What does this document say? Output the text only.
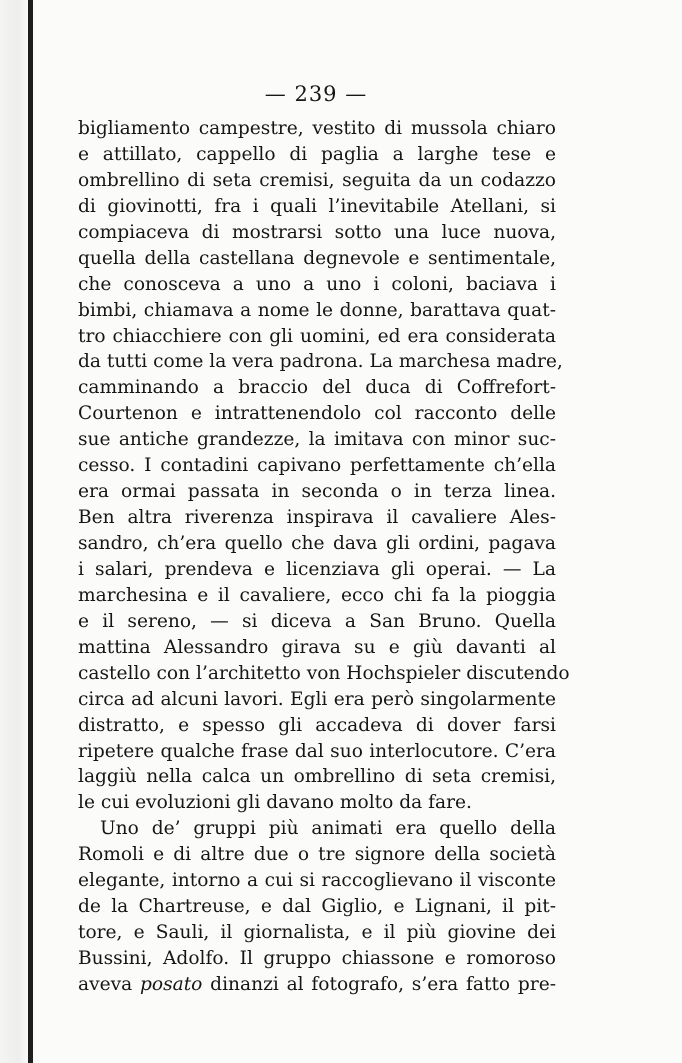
— 239 —
bigliamento campestre, vestito di mussola chiaro
e attillato, cappello di paglia a larghe tese e
ombrellino di seta cremisi, seguita da un codazzo
di giovinotti, fra i quali l’inevitabile Atellani, si
compiaceva di mostrarsi sotto una luce nuova,
quella della castellana degnevole e sentimentale,
che conosceva a uno a uno i coloni, baciava i
bimbi, chiamava a nome le donne, barattava quat-
tro chiacchiere con gli uomini, ed era considerata
da tutti come la vera padrona. La marchesa madre,
camminando a braccio del duca di Coffrefort-
Courtenon e intrattenendolo col racconto delle
sue antiche grandezze, la imitava con minor suc-
cesso. I contadini capivano perfettamente ch’ella
era ormai passata in seconda o in terza linea.
Ben altra riverenza inspirava il cavaliere Ales-
sandro, ch’era quello che dava gli ordini, pagava
i salari, prendeva e licenziava gli operai. — La
marchesina e il cavaliere, ecco chi fa la pioggia
e il sereno, — si diceva a San Bruno. Quella
mattina Alessandro girava su e giù davanti al
castello con l’architetto von Hochspieler discutendo
circa ad alcuni lavori. Egli era però singolarmente
distratto, e spesso gli accadeva di dover farsi
ripetere qualche frase dal suo interlocutore. C’era
laggiù nella calca un ombrellino di seta cremisi,
le cui evoluzioni gli davano molto da fare.
Uno de’ gruppi più animati era quello della
Romoli e di altre due o tre signore della società
elegante, intorno a cui si raccoglievano il visconte
de la Chartreuse, e dal Giglio, e Lignani, il pit-
tore, e Sauli, il giornalista, e il più giovine dei
Bussini, Adolfo. Il gruppo chiassone e romoroso
aveva posato dinanzi al fotografo, s’era fatto pre-
